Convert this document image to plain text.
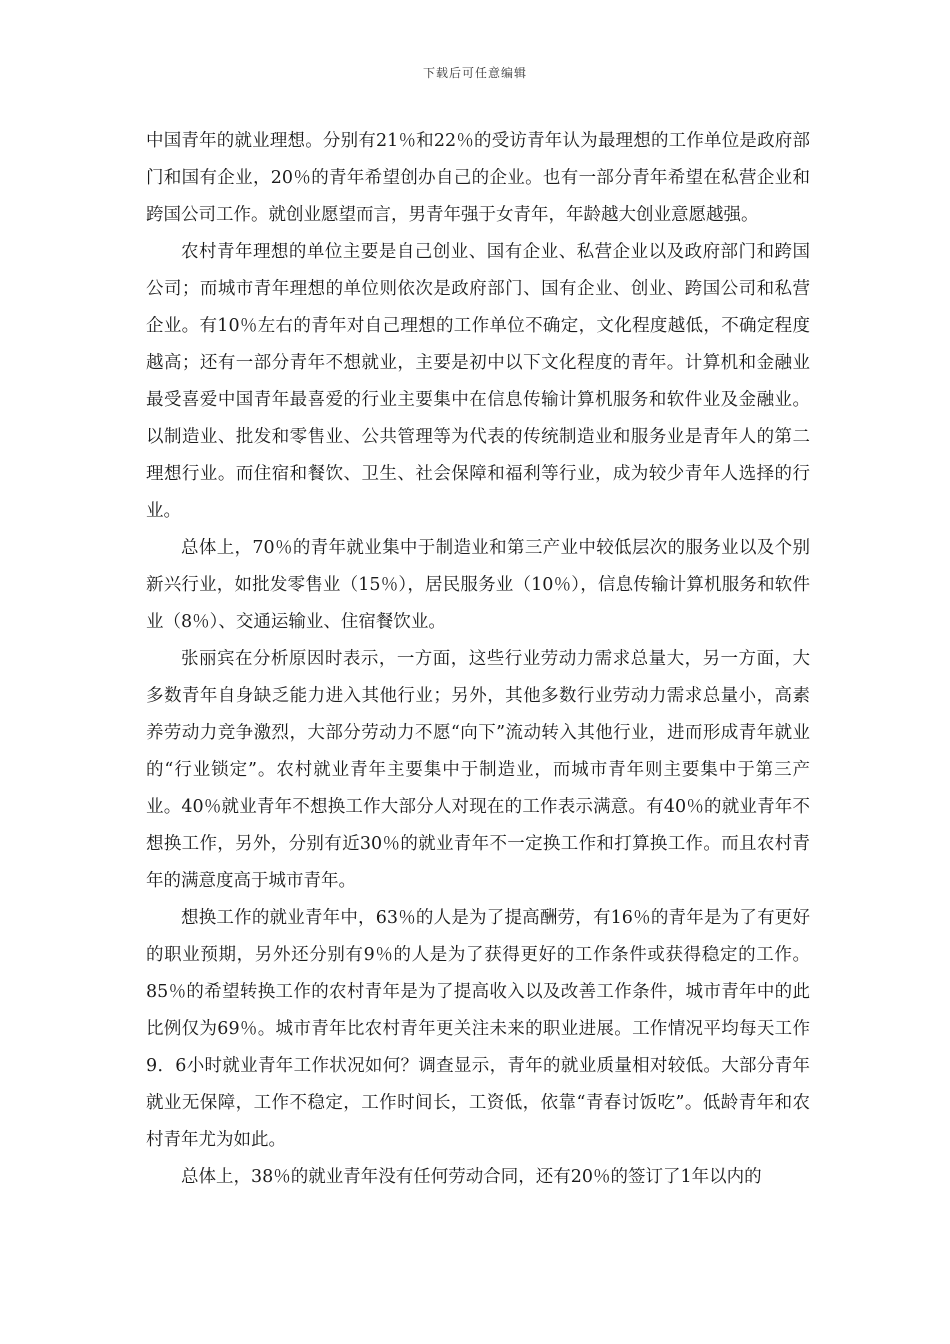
下载后可任意编辑

中国青年的就业理想。分别有21％和22％的受访青年认为最理想的工作单位是政府部门和国有企业，20％的青年希望创办自己的企业。也有一部分青年希望在私营企业和跨国公司工作。就创业愿望而言，男青年强于女青年，年龄越大创业意愿越强。

农村青年理想的单位主要是自己创业、国有企业、私营企业以及政府部门和跨国公司；而城市青年理想的单位则依次是政府部门、国有企业、创业、跨国公司和私营企业。有10％左右的青年对自己理想的工作单位不确定，文化程度越低，不确定程度越高；还有一部分青年不想就业，主要是初中以下文化程度的青年。计算机和金融业最受喜爱中国青年最喜爱的行业主要集中在信息传输计算机服务和软件业及金融业。以制造业、批发和零售业、公共管理等为代表的传统制造业和服务业是青年人的第二理想行业。而住宿和餐饮、卫生、社会保障和福利等行业，成为较少青年人选择的行业。

总体上，70％的青年就业集中于制造业和第三产业中较低层次的服务业以及个别新兴行业，如批发零售业（15％），居民服务业（10％），信息传输计算机服务和软件业（8％）、交通运输业、住宿餐饮业。

张丽宾在分析原因时表示，一方面，这些行业劳动力需求总量大，另一方面，大多数青年自身缺乏能力进入其他行业；另外，其他多数行业劳动力需求总量小，高素养劳动力竞争激烈，大部分劳动力不愿“向下”流动转入其他行业，进而形成青年就业的“行业锁定”。农村就业青年主要集中于制造业，而城市青年则主要集中于第三产业。40％就业青年不想换工作大部分人对现在的工作表示满意。有40％的就业青年不想换工作，另外，分别有近30％的就业青年不一定换工作和打算换工作。而且农村青年的满意度高于城市青年。

想换工作的就业青年中，63％的人是为了提高酬劳，有16％的青年是为了有更好的职业预期，另外还分别有9％的人是为了获得更好的工作条件或获得稳定的工作。85％的希望转换工作的农村青年是为了提高收入以及改善工作条件，城市青年中的此比例仅为69％。城市青年比农村青年更关注未来的职业进展。工作情况平均每天工作9．6小时就业青年工作状况如何？调查显示，青年的就业质量相对较低。大部分青年就业无保障，工作不稳定，工作时间长，工资低，依靠“青春讨饭吃”。低龄青年和农村青年尤为如此。

总体上，38％的就业青年没有任何劳动合同，还有20％的签订了1年以内的
